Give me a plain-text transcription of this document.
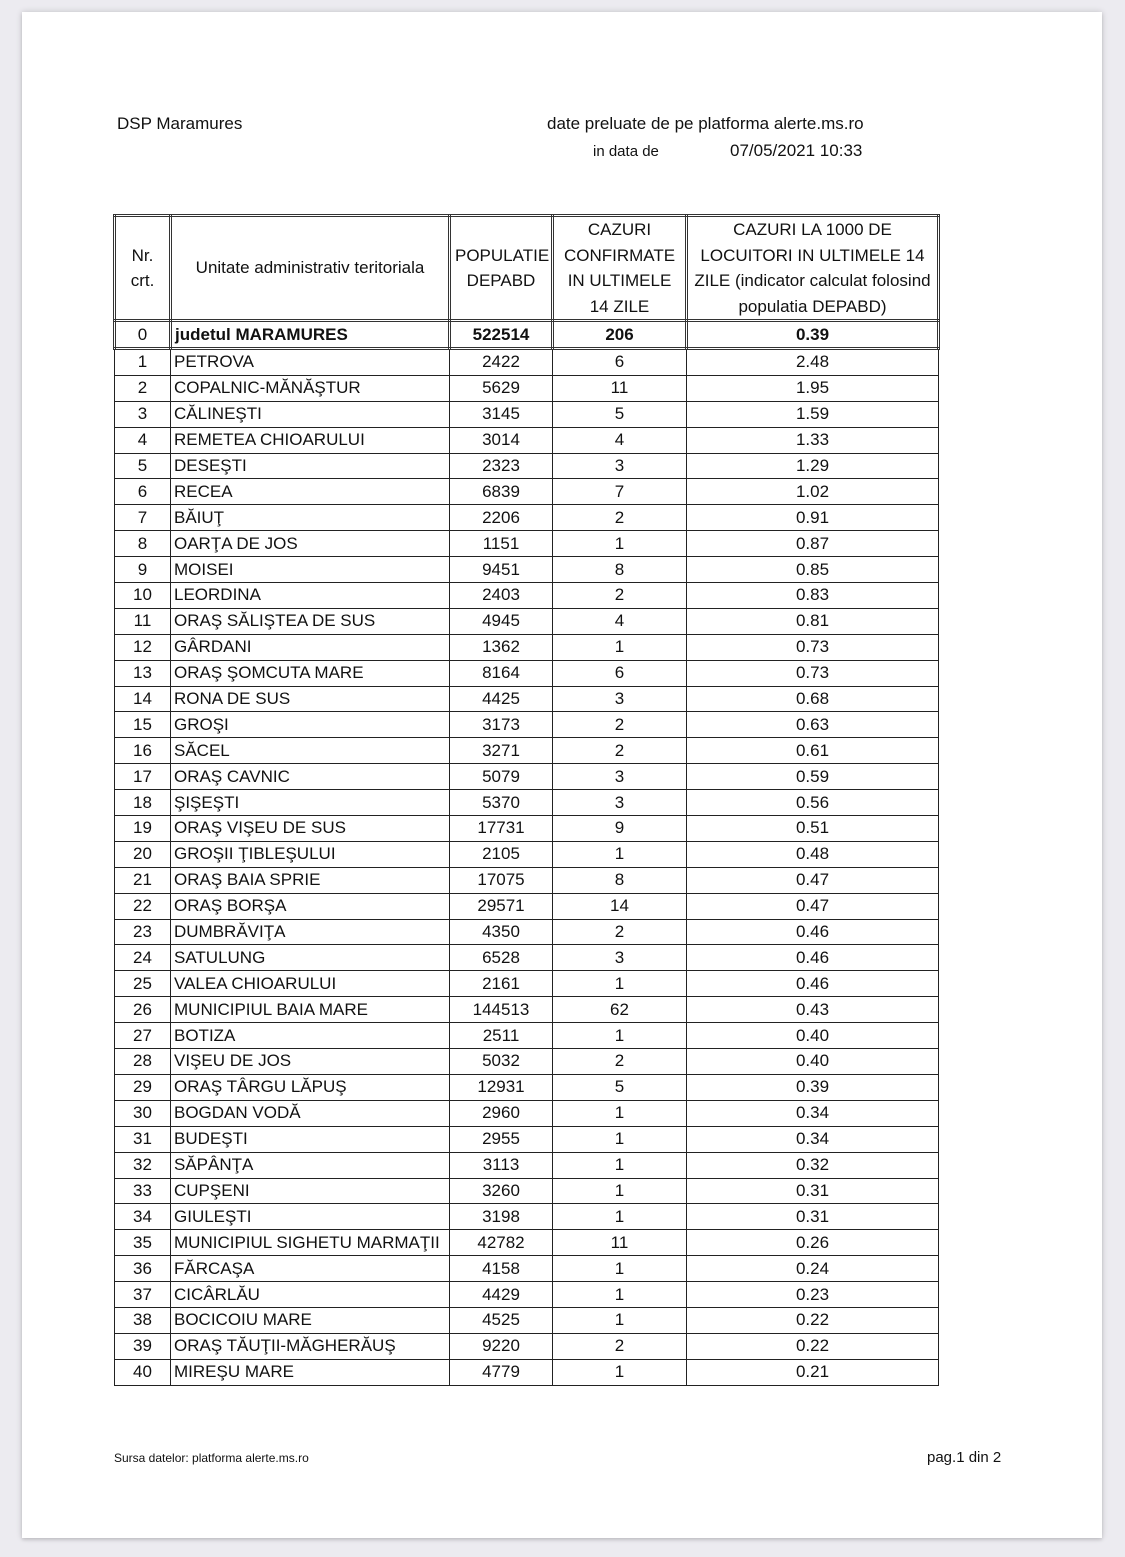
DSP Maramures	date preluate de pe platforma alerte.ms.ro
in data de	07/05/2021 10:33
Nr. crt.	Unitate administrativ teritoriala	POPULATIE DEPABD	CAZURI CONFIRMATE IN ULTIMELE 14 ZILE	CAZURI LA 1000 DE LOCUITORI IN ULTIMELE 14 ZILE (indicator calculat folosind populatia DEPABD)
0	judetul MARAMURES	522514	206	0.39
1	PETROVA	2422	6	2.48
2	COPALNIC-MĂNĂŞTUR	5629	11	1.95
3	CĂLINEŞTI	3145	5	1.59
4	REMETEA CHIOARULUI	3014	4	1.33
5	DESEŞTI	2323	3	1.29
6	RECEA	6839	7	1.02
7	BĂIUŢ	2206	2	0.91
8	OARŢA DE JOS	1151	1	0.87
9	MOISEI	9451	8	0.85
10	LEORDINA	2403	2	0.83
11	ORAŞ SĂLIŞTEA DE SUS	4945	4	0.81
12	GÂRDANI	1362	1	0.73
13	ORAŞ ŞOMCUTA MARE	8164	6	0.73
14	RONA DE SUS	4425	3	0.68
15	GROŞI	3173	2	0.63
16	SĂCEL	3271	2	0.61
17	ORAŞ CAVNIC	5079	3	0.59
18	ŞIŞEŞTI	5370	3	0.56
19	ORAŞ VIŞEU DE SUS	17731	9	0.51
20	GROŞII ŢIBLEŞULUI	2105	1	0.48
21	ORAŞ BAIA SPRIE	17075	8	0.47
22	ORAŞ BORŞA	29571	14	0.47
23	DUMBRĂVIŢA	4350	2	0.46
24	SATULUNG	6528	3	0.46
25	VALEA CHIOARULUI	2161	1	0.46
26	MUNICIPIUL BAIA MARE	144513	62	0.43
27	BOTIZA	2511	1	0.40
28	VIŞEU DE JOS	5032	2	0.40
29	ORAŞ TÂRGU LĂPUŞ	12931	5	0.39
30	BOGDAN VODĂ	2960	1	0.34
31	BUDEŞTI	2955	1	0.34
32	SĂPÂNŢA	3113	1	0.32
33	CUPŞENI	3260	1	0.31
34	GIULEŞTI	3198	1	0.31
35	MUNICIPIUL SIGHETU MARMAŢII	42782	11	0.26
36	FĂRCAŞA	4158	1	0.24
37	CICÂRLĂU	4429	1	0.23
38	BOCICOIU MARE	4525	1	0.22
39	ORAŞ TĂUŢII-MĂGHERĂUŞ	9220	2	0.22
40	MIREŞU MARE	4779	1	0.21
Sursa datelor: platforma alerte.ms.ro	pag.1 din 2
